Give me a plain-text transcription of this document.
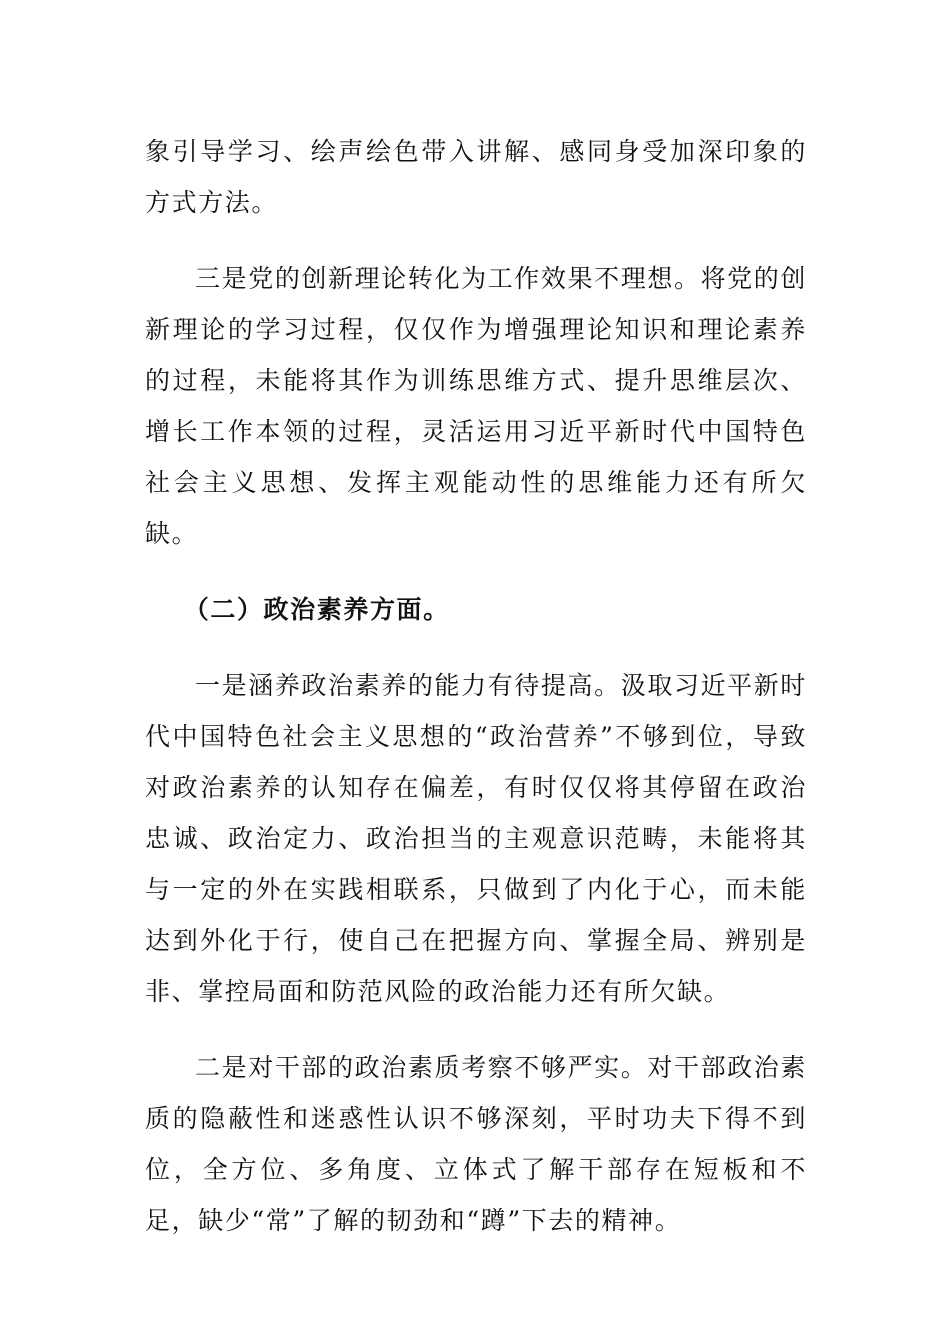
象引导学习、绘声绘色带入讲解、感同身受加深印象的方式方法。

三是党的创新理论转化为工作效果不理想。将党的创新理论的学习过程，仅仅作为增强理论知识和理论素养的过程，未能将其作为训练思维方式、提升思维层次、增长工作本领的过程，灵活运用习近平新时代中国特色社会主义思想、发挥主观能动性的思维能力还有所欠缺。

（二）政治素养方面。

一是涵养政治素养的能力有待提高。汲取习近平新时代中国特色社会主义思想的“政治营养”不够到位，导致对政治素养的认知存在偏差，有时仅仅将其停留在政治忠诚、政治定力、政治担当的主观意识范畴，未能将其与一定的外在实践相联系，只做到了内化于心，而未能达到外化于行，使自己在把握方向、掌握全局、辨别是非、掌控局面和防范风险的政治能力还有所欠缺。

二是对干部的政治素质考察不够严实。对干部政治素质的隐蔽性和迷惑性认识不够深刻，平时功夫下得不到位，全方位、多角度、立体式了解干部存在短板和不足，缺少“常”了解的韧劲和“蹲”下去的精神。
